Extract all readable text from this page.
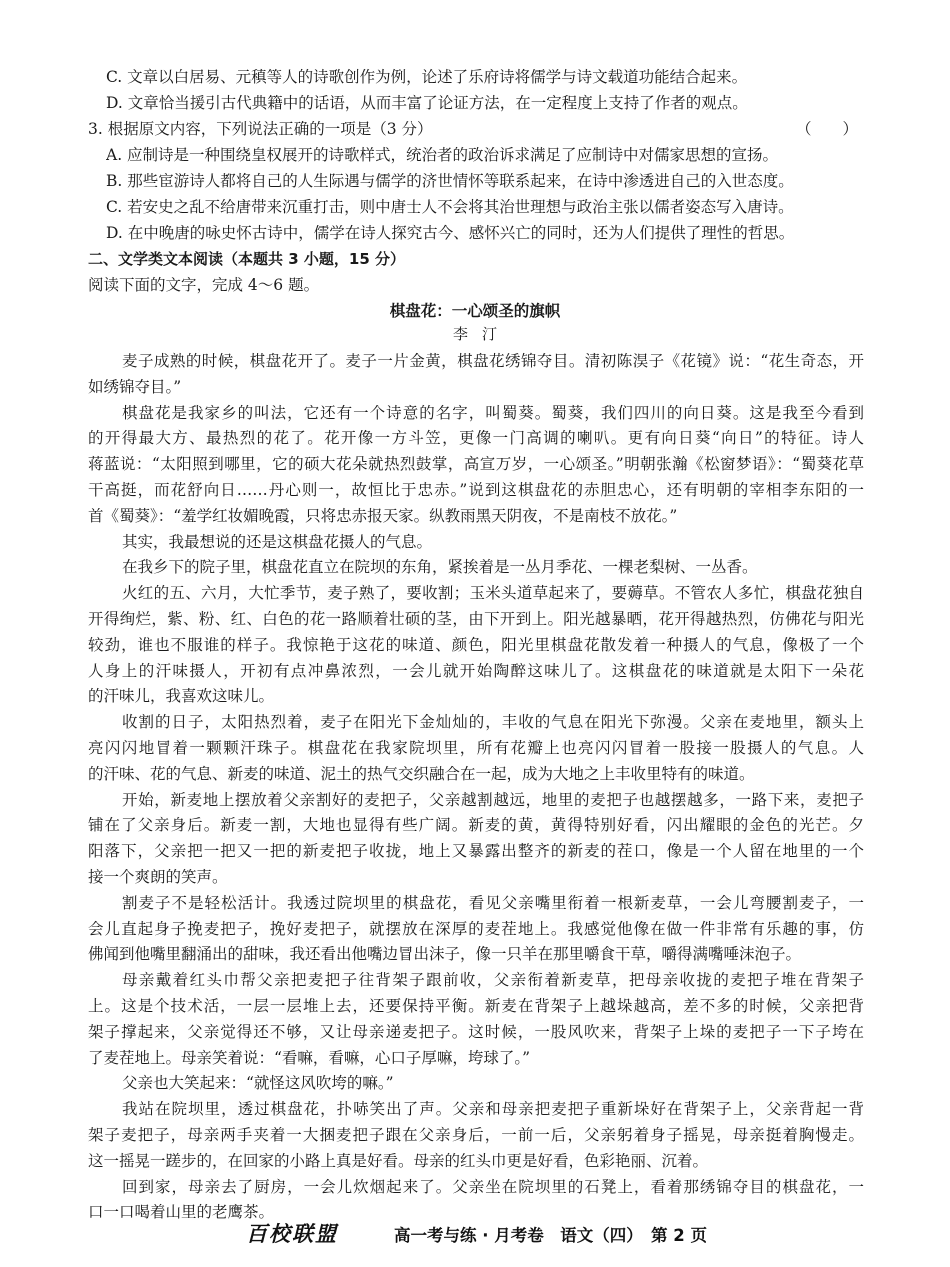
C. 文章以白居易、元稹等人的诗歌创作为例，论述了乐府诗将儒学与诗文载道功能结合起来。
D. 文章恰当援引古代典籍中的话语，从而丰富了论证方法，在一定程度上支持了作者的观点。
3. 根据原文内容，下列说法正确的一项是（3 分）	（　　）
A. 应制诗是一种围绕皇权展开的诗歌样式，统治者的政治诉求满足了应制诗中对儒家思想的宣扬。
B. 那些宦游诗人都将自己的人生际遇与儒学的济世情怀等联系起来，在诗中渗透进自己的入世态度。
C. 若安史之乱不给唐带来沉重打击，则中唐士人不会将其治世理想与政治主张以儒者姿态写入唐诗。
D. 在中晚唐的咏史怀古诗中，儒学在诗人探究古今、感怀兴亡的同时，还为人们提供了理性的哲思。
二、文学类文本阅读（本题共 3 小题，15 分）
阅读下面的文字，完成 4～6 题。
棋盘花：一心颂圣的旗帜
李汀
麦子成熟的时候，棋盘花开了。麦子一片金黄，棋盘花绣锦夺目。清初陈淏子《花镜》说：“花生奇态，开
如绣锦夺目。”
棋盘花是我家乡的叫法，它还有一个诗意的名字，叫蜀葵。蜀葵，我们四川的向日葵。这是我至今看到
的开得最大方、最热烈的花了。花开像一方斗笠，更像一门高调的喇叭。更有向日葵“向日”的特征。诗人
蒋蓝说：“太阳照到哪里，它的硕大花朵就热烈鼓掌，高宣万岁，一心颂圣。”明朝张瀚《松窗梦语》：“蜀葵花草
干高挺，而花舒向日……丹心则一，故恒比于忠赤。”说到这棋盘花的赤胆忠心，还有明朝的宰相李东阳的一
首《蜀葵》：“羞学红妆媚晚霞，只将忠赤报天家。纵教雨黑天阴夜，不是南枝不放花。”
其实，我最想说的还是这棋盘花摄人的气息。
在我乡下的院子里，棋盘花直立在院坝的东角，紧挨着是一丛月季花、一棵老梨树、一丛香。
火红的五、六月，大忙季节，麦子熟了，要收割；玉米头道草起来了，要薅草。不管农人多忙，棋盘花独自
开得绚烂，紫、粉、红、白色的花一路顺着壮硕的茎，由下开到上。阳光越暴晒，花开得越热烈，仿佛花与阳光
较劲，谁也不服谁的样子。我惊艳于这花的味道、颜色，阳光里棋盘花散发着一种摄人的气息，像极了一个
人身上的汗味摄人，开初有点冲鼻浓烈，一会儿就开始陶醉这味儿了。这棋盘花的味道就是太阳下一朵花
的汗味儿，我喜欢这味儿。
收割的日子，太阳热烈着，麦子在阳光下金灿灿的，丰收的气息在阳光下弥漫。父亲在麦地里，额头上
亮闪闪地冒着一颗颗汗珠子。棋盘花在我家院坝里，所有花瓣上也亮闪闪冒着一股接一股摄人的气息。人
的汗味、花的气息、新麦的味道、泥土的热气交织融合在一起，成为大地之上丰收里特有的味道。
开始，新麦地上摆放着父亲割好的麦把子，父亲越割越远，地里的麦把子也越摆越多，一路下来，麦把子
铺在了父亲身后。新麦一割，大地也显得有些广阔。新麦的黄，黄得特别好看，闪出耀眼的金色的光芒。夕
阳落下，父亲把一把又一把的新麦把子收拢，地上又暴露出整齐的新麦的茬口，像是一个人留在地里的一个
接一个爽朗的笑声。
割麦子不是轻松活计。我透过院坝里的棋盘花，看见父亲嘴里衔着一根新麦草，一会儿弯腰割麦子，一
会儿直起身子挽麦把子，挽好麦把子，就摆放在深厚的麦茬地上。我感觉他像在做一件非常有乐趣的事，仿
佛闻到他嘴里翻涌出的甜味，我还看出他嘴边冒出沫子，像一只羊在那里嚼食干草，嚼得满嘴唾沫泡子。
母亲戴着红头巾帮父亲把麦把子往背架子跟前收，父亲衔着新麦草，把母亲收拢的麦把子堆在背架子
上。这是个技术活，一层一层堆上去，还要保持平衡。新麦在背架子上越垛越高，差不多的时候，父亲把背
架子撑起来，父亲觉得还不够，又让母亲递麦把子。这时候，一股风吹来，背架子上垛的麦把子一下子垮在
了麦茬地上。母亲笑着说：“看嘛，看嘛，心口子厚嘛，垮球了。”
父亲也大笑起来：“就怪这风吹垮的嘛。”
我站在院坝里，透过棋盘花，扑哧笑出了声。父亲和母亲把麦把子重新垛好在背架子上，父亲背起一背
架子麦把子，母亲两手夹着一大捆麦把子跟在父亲身后，一前一后，父亲躬着身子摇晃，母亲挺着胸慢走。
这一摇晃一蹉步的，在回家的小路上真是好看。母亲的红头巾更是好看，色彩艳丽、沉着。
回到家，母亲去了厨房，一会儿炊烟起来了。父亲坐在院坝里的石凳上，看着那绣锦夺目的棋盘花，一
口一口喝着山里的老鹰茶。
百校联盟	高一考与练 · 月考卷　语文（四）　第 2 页
